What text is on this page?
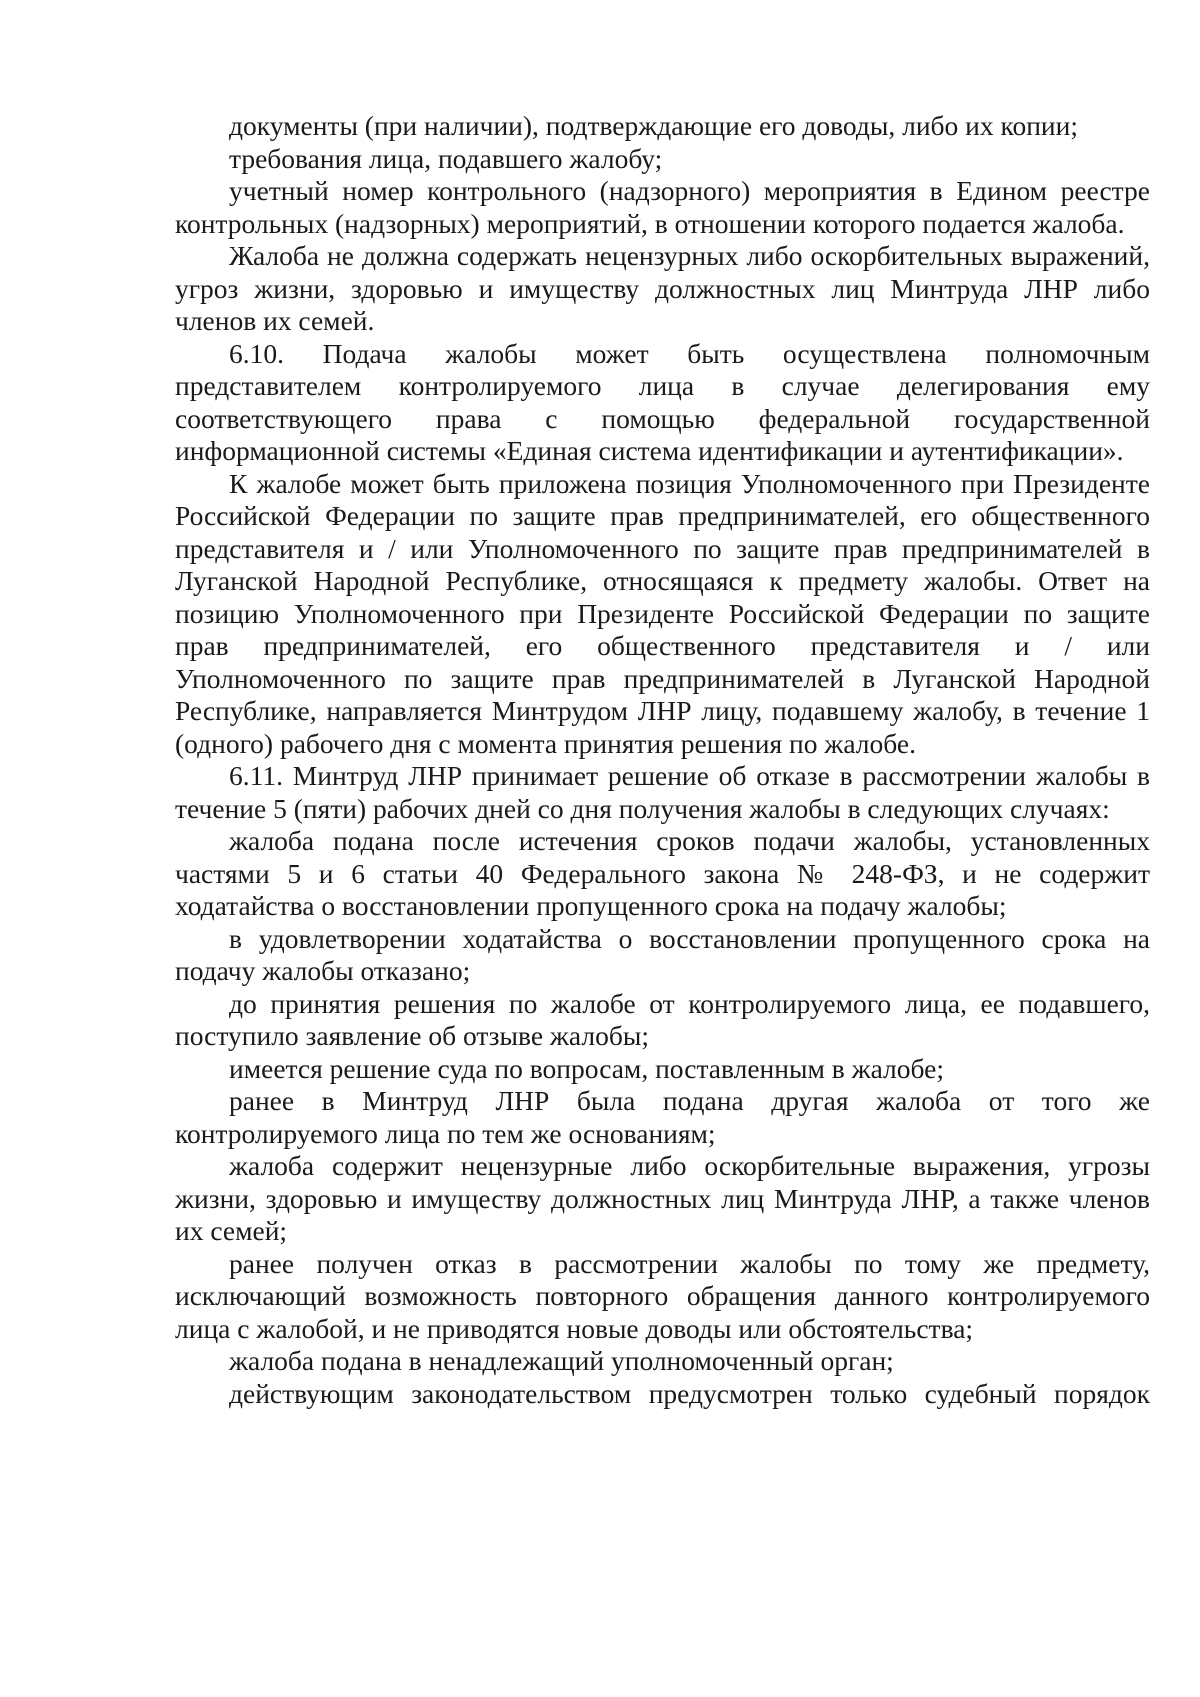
документы (при наличии), подтверждающие его доводы, либо их копии;

требования лица, подавшего жалобу;

учетный номер контрольного (надзорного) мероприятия в Едином реестре контрольных (надзорных) мероприятий, в отношении которого подается жалоба.

Жалоба не должна содержать нецензурных либо оскорбительных выражений, угроз жизни, здоровью и имуществу должностных лиц Минтруда ЛНР либо членов их семей.

6.10. Подача жалобы может быть осуществлена полномочным представителем контролируемого лица в случае делегирования ему соответствующего права с помощью федеральной государственной информационной системы «Единая система идентификации и аутентификации».

К жалобе может быть приложена позиция Уполномоченного при Президенте Российской Федерации по защите прав предпринимателей, его общественного представителя и / или Уполномоченного по защите прав предпринимателей в Луганской Народной Республике, относящаяся к предмету жалобы. Ответ на позицию Уполномоченного при Президенте Российской Федерации по защите прав предпринимателей, его общественного представителя и / или Уполномоченного по защите прав предпринимателей в Луганской Народной Республике, направляется Минтрудом ЛНР лицу, подавшему жалобу, в течение 1 (одного) рабочего дня с момента принятия решения по жалобе.

6.11. Минтруд ЛНР принимает решение об отказе в рассмотрении жалобы в течение 5 (пяти) рабочих дней со дня получения жалобы в следующих случаях:

жалоба подана после истечения сроков подачи жалобы, установленных частями 5 и 6 статьи 40 Федерального закона № 248-ФЗ, и не содержит ходатайства о восстановлении пропущенного срока на подачу жалобы;

в удовлетворении ходатайства о восстановлении пропущенного срока на подачу жалобы отказано;

до принятия решения по жалобе от контролируемого лица, ее подавшего, поступило заявление об отзыве жалобы;

имеется решение суда по вопросам, поставленным в жалобе;

ранее в Минтруд ЛНР была подана другая жалоба от того же контролируемого лица по тем же основаниям;

жалоба содержит нецензурные либо оскорбительные выражения, угрозы жизни, здоровью и имуществу должностных лиц Минтруда ЛНР, а также членов их семей;

ранее получен отказ в рассмотрении жалобы по тому же предмету, исключающий возможность повторного обращения данного контролируемого лица с жалобой, и не приводятся новые доводы или обстоятельства;

жалоба подана в ненадлежащий уполномоченный орган;

действующим законодательством предусмотрен только судебный порядок
